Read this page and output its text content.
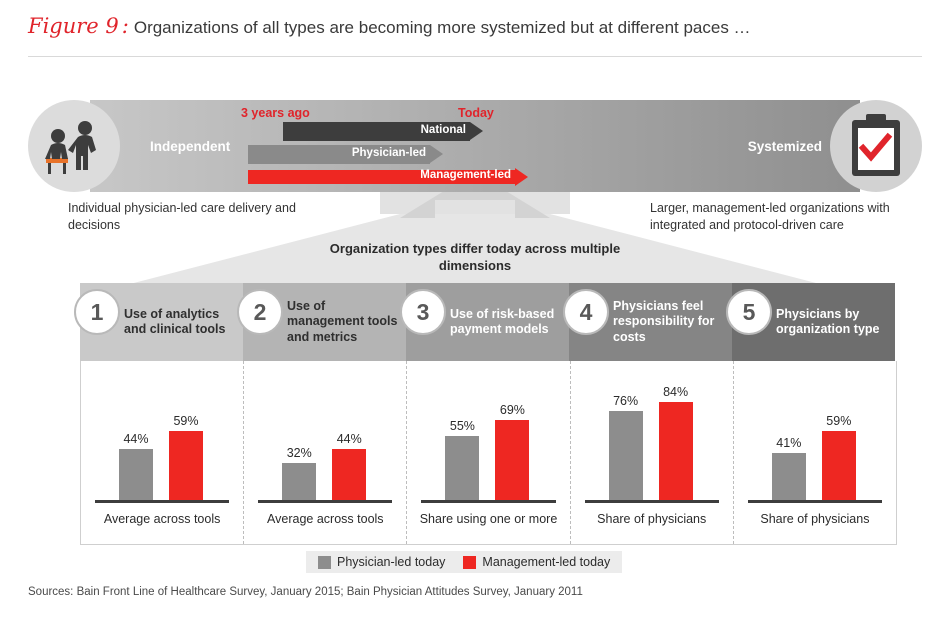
Figure 9 : Organizations of all types are becoming more systemized but at different paces …
Independent	Systemized
3 years ago	Today
National
Physician-led
Management-led
Individual physician-led care delivery and decisions
Larger, management-led organizations with integrated and protocol-driven care
Organization types differ today across multiple dimensions
1	Use of analytics and clinical tools
2	Use of management tools and metrics
3	Use of risk-based payment models
4	Physicians feel responsibility for costs
5	Physicians by organization type
44%
59%
Average across tools
32%
44%
Average across tools
55%
69%
Share using one or more
76%
84%
Share of physicians
41%
59%
Share of physicians
Physician-led today	Management-led today
Sources: Bain Front Line of Healthcare Survey, January 2015; Bain Physician Attitudes Survey, January 2011
